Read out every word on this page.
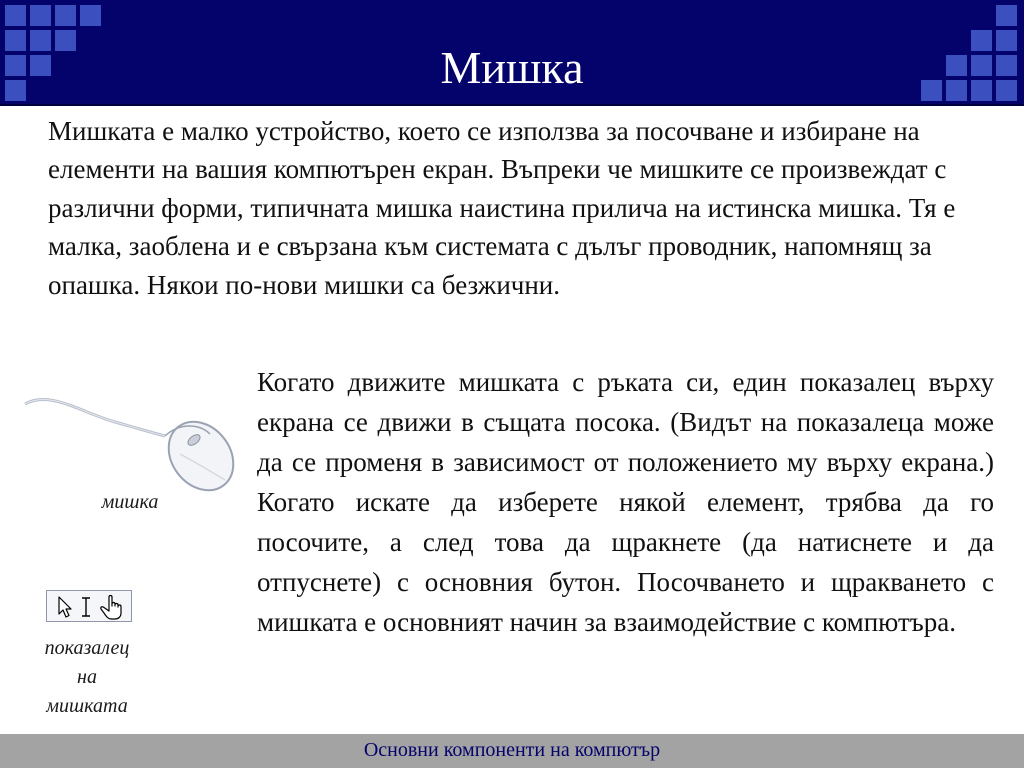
Мишка

Мишката е малко устройство, което се използва за посочване и избиране на елементи на вашия компютърен екран. Въпреки че мишките се произвеждат с различни форми, типичната мишка наистина прилича на истинска мишка. Тя е малка, заоблена и е свързана към системата с дълъг проводник, напомнящ за опашка. Някои по-нови мишки са безжични.

мишка
показалец
на
мишката

Когато движите мишката с ръката си, един показалец върху екрана се движи в същата посока. (Видът на показалеца може да се променя в зависимост от положението му върху екрана.) Когато искате да изберете някой елемент, трябва да го посочите, а след това да щракнете (да натиснете и да отпуснете) с основния бутон. Посочването и щракването с мишката е основният начин за взаимодействие с компютъра.

Основни компоненти на компютър
